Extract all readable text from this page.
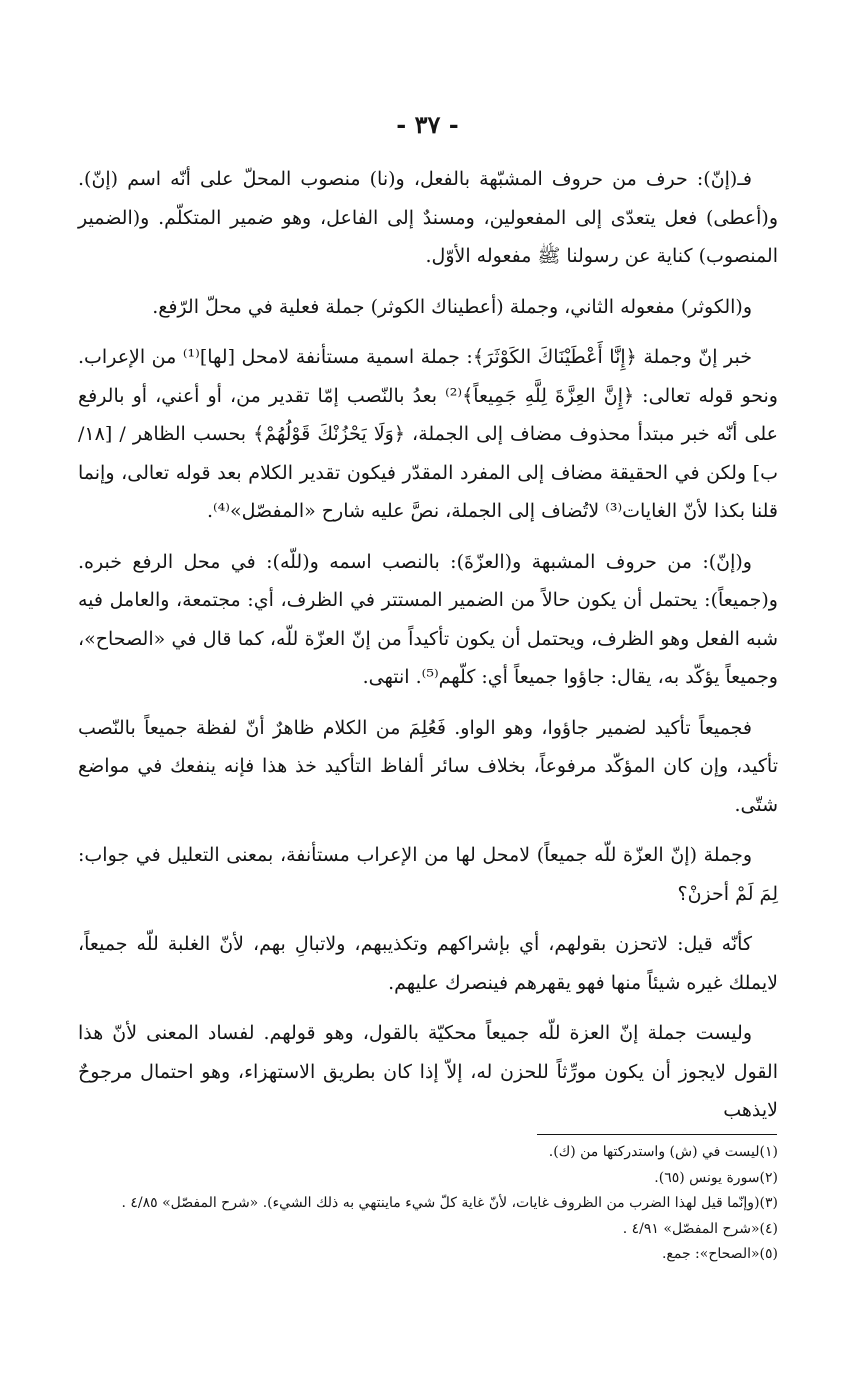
- ٣٧ -

فـ(إنّ): حرف من حروف المشبّهة بالفعل، و(نا) منصوب المحلّ على أنّه اسم (إنّ). و(أعطى) فعل يتعدّى إلى المفعولين، ومسندٌ إلى الفاعل، وهو ضمير المتكلّم. و(الضمير المنصوب) كناية عن رسولنا ﷺ مفعوله الأوّل.

و(الكوثر) مفعوله الثاني، وجملة (أعطيناك الكوثر) جملة فعلية في محلّ الرّفع.

خبر إنّ وجملة ﴿إِنَّا أَعْطَيْنَاكَ الكَوْثَرَ﴾: جملة اسمية مستأنفة لامحل [لها]⁽¹⁾ من الإعراب. ونحو قوله تعالى: ﴿إِنَّ العِزَّةَ لِلَّهِ جَمِيعاً﴾⁽²⁾ بعدُ بالنّصب إمّا تقدير من، أو أعني، أو بالرفع على أنّه خبر مبتدأ محذوف مضاف إلى الجملة، ﴿وَلَا يَحْزُنْكَ قَوْلُهُمْ﴾ بحسب الظاهر / [١٨/ب] ولكن في الحقيقة مضاف إلى المفرد المقدّر فيكون تقدير الكلام بعد قوله تعالى، وإنما قلنا بكذا لأنّ الغايات⁽³⁾ لاتُضاف إلى الجملة، نصَّ عليه شارح «المفصّل»⁽⁴⁾.

و(إنّ): من حروف المشبهة و(العزّةَ): بالنصب اسمه و(للّه): في محل الرفع خبره. و(جميعاً): يحتمل أن يكون حالاً من الضمير المستتر في الظرف، أي: مجتمعة، والعامل فيه شبه الفعل وهو الظرف، ويحتمل أن يكون تأكيداً من إنّ العزّة للّه، كما قال في «الصحاح»، وجميعاً يؤكّد به، يقال: جاؤوا جميعاً أي: كلّهم⁽⁵⁾. انتهى.

فجميعاً تأكيد لضمير جاؤوا، وهو الواو. فَعُلِمَ من الكلام ظاهرٌ أنّ لفظة جميعاً بالنّصب تأكيد، وإن كان المؤكّد مرفوعاً، بخلاف سائر ألفاظ التأكيد خذ هذا فإنه ينفعك في مواضع شتّى.

وجملة (إنّ العزّة للّه جميعاً) لامحل لها من الإعراب مستأنفة، بمعنى التعليل في جواب: لِمَ لَمْ أحزنْ؟

كأنّه قيل: لاتحزن بقولهم، أي بإشراكهم وتكذيبهم، ولاتبالِ بهم، لأنّ الغلبة للّه جميعاً، لايملك غيره شيئاً منها فهو يقهرهم فينصرك عليهم.

وليست جملة إنّ العزة للّه جميعاً محكيّة بالقول، وهو قولهم. لفساد المعنى لأنّ هذا القول لايجوز أن يكون مورِّثاً للحزن له، إلاّ إذا كان بطريق الاستهزاء، وهو احتمال مرجوحٌ لايذهب

(١)ليست في (ش) واستدركتها من (ك).

(٢)سورة يونس (٦٥).

(٣)(وإنّما قيل لهذا الضرب من الظروف غايات، لأنّ غاية كلّ شيء ماينتهي به ذلك الشيء). «شرح المفصّل» ٤/٨٥ .

(٤)«شرح المفصّل» ٤/٩١ .

(٥)«الصحاح»: جمع.
